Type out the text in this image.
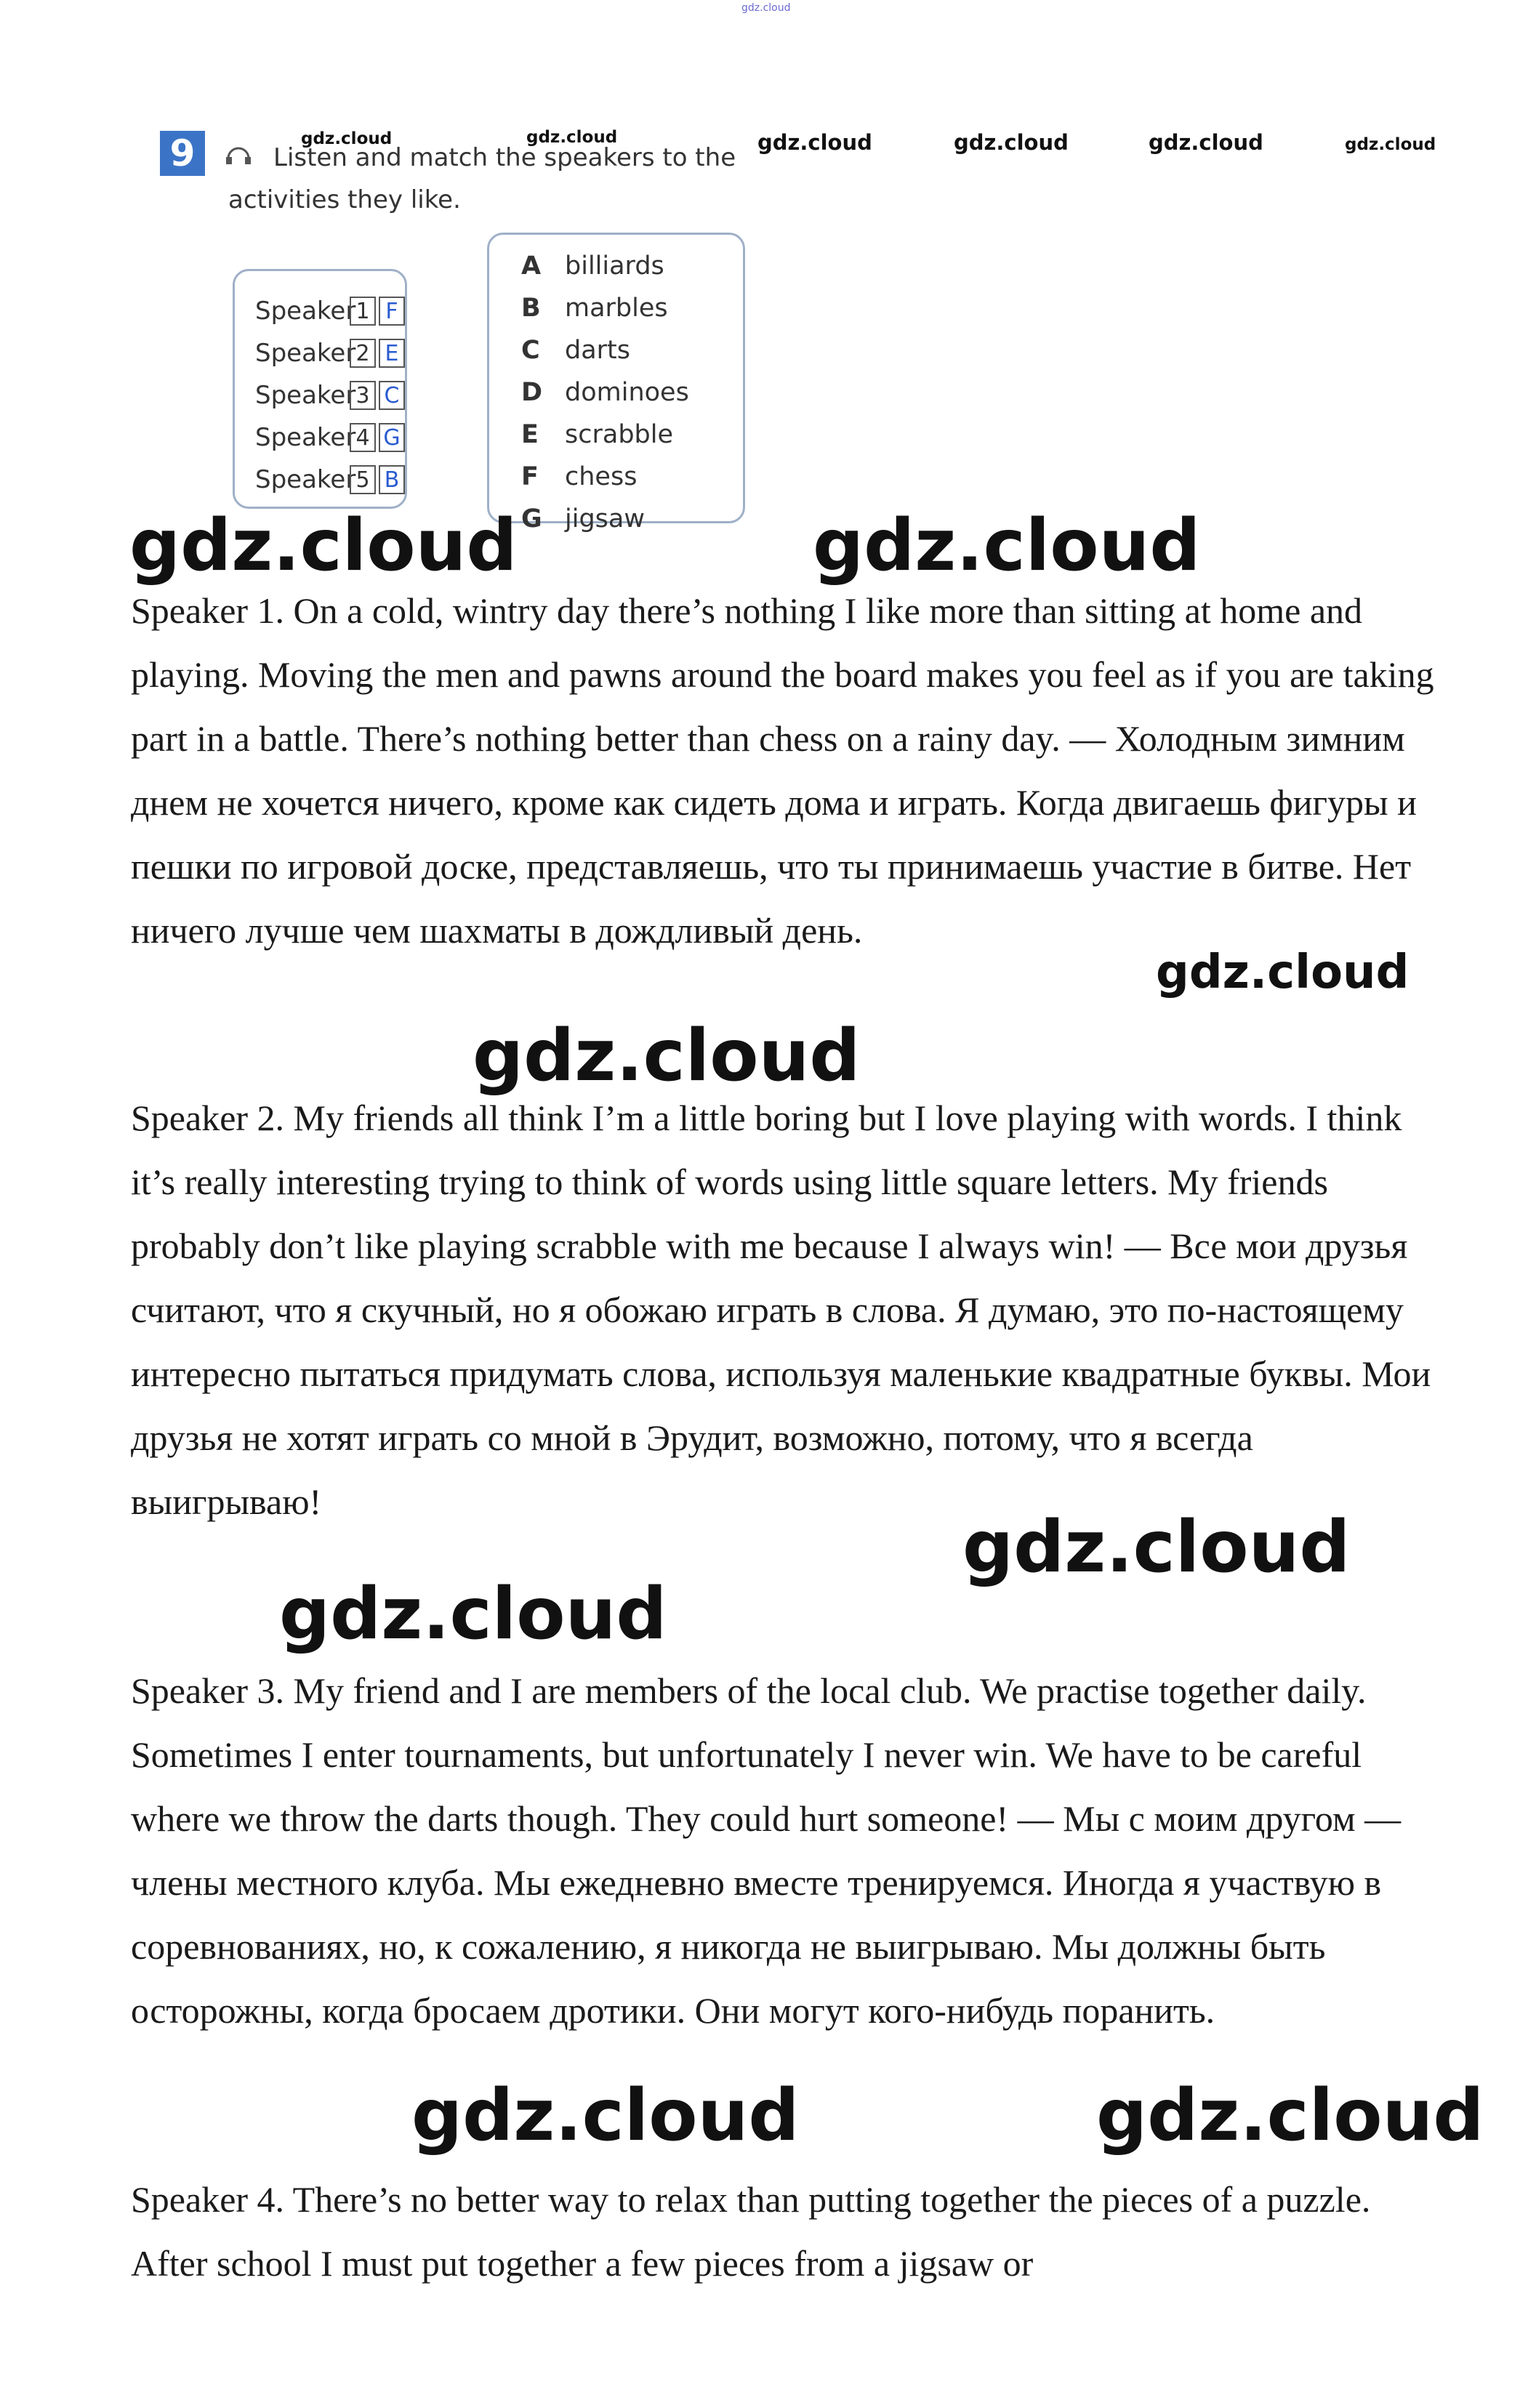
gdz.cloud
9	Listen and match the speakers to the
activities they like.
Speaker 1 F
Speaker 2 E
Speaker 3 C
Speaker 4 G
Speaker 5 B
A billiards
B marbles
C darts
D dominoes
E	scrabble
F	chess
G jigsaw
gdz.cloud	gdz.cloud	gdz.cloud	gdz.cloud	gdz.cloud	gdz.cloud
gdz.cloud	gdz.cloud
gdz.cloud
gdz.cloud
gdz.cloud
gdz.cloud
gdz.cloud	gdz.cloud

Speaker 1. On a cold, wintry day there’s nothing I like more than sitting at home and playing. Moving the men and pawns around the board makes you feel as if you are taking part in a battle. There’s nothing better than chess on a rainy day. — Холодным зимним днем не хочется ничего, кроме как сидеть дома и играть. Когда двигаешь фигуры и пешки по игровой доске, представляешь, что ты принимаешь участие в битве. Нет ничего лучше чем шахматы в дождливый день.

Speaker 2. My friends all think I’m a little boring but I love playing with words. I think it’s really interesting trying to think of words using little square letters. My friends probably don’t like playing scrabble with me because I always win! — Все мои друзья считают, что я скучный, но я обожаю играть в слова. Я думаю, это по-настоящему интересно пытаться придумать слова, используя маленькие квадратные буквы. Мои друзья не хотят играть со мной в Эрудит, возможно, потому, что я всегда выигрываю!

Speaker 3. My friend and I are members of the local club. We practise together daily. Sometimes I enter tournaments, but unfortunately I never win. We have to be careful where we throw the darts though. They could hurt someone! — Мы с моим другом — члены местного клуба. Мы ежедневно вместе тренируемся. Иногда я участвую в соревнованиях, но, к сожалению, я никогда не выигрываю. Мы должны быть осторожны, когда бросаем дротики. Они могут кого-нибудь поранить.

Speaker 4. There’s no better way to relax than putting together the pieces of a puzzle. After school I must put together a few pieces from a jigsaw or
